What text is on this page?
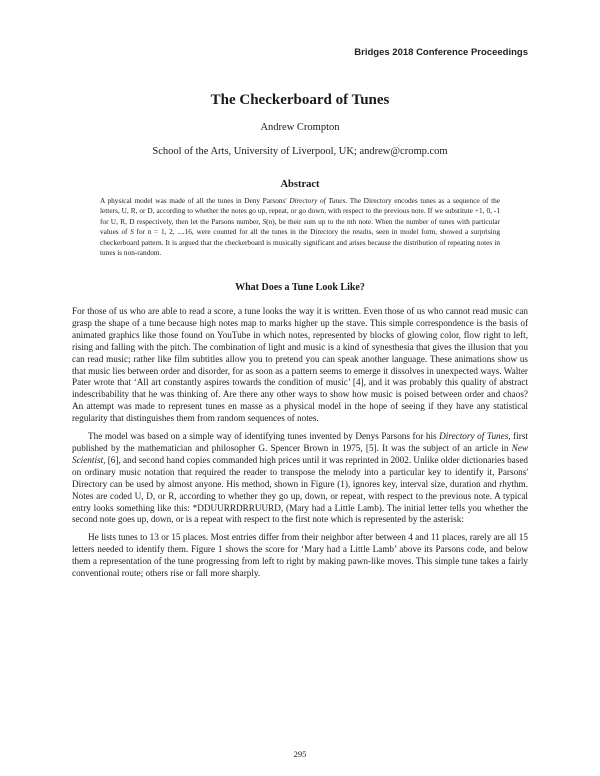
Bridges 2018 Conference Proceedings
The Checkerboard of Tunes
Andrew Crompton
School of the Arts, University of Liverpool, UK; andrew@cromp.com
Abstract

A physical model was made of all the tunes in Deny Parsons' Directory of Tunes. The Directory encodes tunes as a sequence of the letters, U, R, or D, according to whether the notes go up, repeat, or go down, with respect to the previous note. If we substitute +1, 0, -1 for U, R, D respectively, then let the Parsons number, S(n), be their sum up to the nth note. When the number of tunes with particular values of S for n = 1, 2, ....16, were counted for all the tunes in the Directory the results, seen in model form, showed a surprising checkerboard pattern. It is argued that the checkerboard is musically significant and arises because the distribution of repeating notes in tunes is non-random.

What Does a Tune Look Like?

For those of us who are able to read a score, a tune looks the way it is written. Even those of us who cannot read music can grasp the shape of a tune because high notes map to marks higher up the stave. This simple correspondence is the basis of animated graphics like those found on YouTube in which notes, represented by blocks of glowing color, flow right to left, rising and falling with the pitch. The combination of light and music is a kind of synesthesia that gives the illusion that you can read music; rather like film subtitles allow you to pretend you can speak another language. These animations show us that music lies between order and disorder, for as soon as a pattern seems to emerge it dissolves in unexpected ways. Walter Pater wrote that ‘All art constantly aspires towards the condition of music’ [4], and it was probably this quality of abstract indescribability that he was thinking of. Are there any other ways to show how music is poised between order and chaos? An attempt was made to represent tunes en masse as a physical model in the hope of seeing if they have any statistical regularity that distinguishes them from random sequences of notes.

The model was based on a simple way of identifying tunes invented by Denys Parsons for his Directory of Tunes, first published by the mathematician and philosopher G. Spencer Brown in 1975, [5]. It was the subject of an article in New Scientist, [6], and second hand copies commanded high prices until it was reprinted in 2002. Unlike older dictionaries based on ordinary music notation that required the reader to transpose the melody into a particular key to identify it, Parsons' Directory can be used by almost anyone. His method, shown in Figure (1), ignores key, interval size, duration and rhythm. Notes are coded U, D, or R, according to whether they go up, down, or repeat, with respect to the previous note. A typical entry looks something like this: *DDUURRDRRUURD, (Mary had a Little Lamb). The initial letter tells you whether the second note goes up, down, or is a repeat with respect to the first note which is represented by the asterisk:

He lists tunes to 13 or 15 places. Most entries differ from their neighbor after between 4 and 11 places, rarely are all 15 letters needed to identify them. Figure 1 shows the score for ‘Mary had a Little Lamb’ above its Parsons code, and below them a representation of the tune progressing from left to right by making pawn-like moves. This simple tune takes a fairly conventional route; others rise or fall more sharply.

295
